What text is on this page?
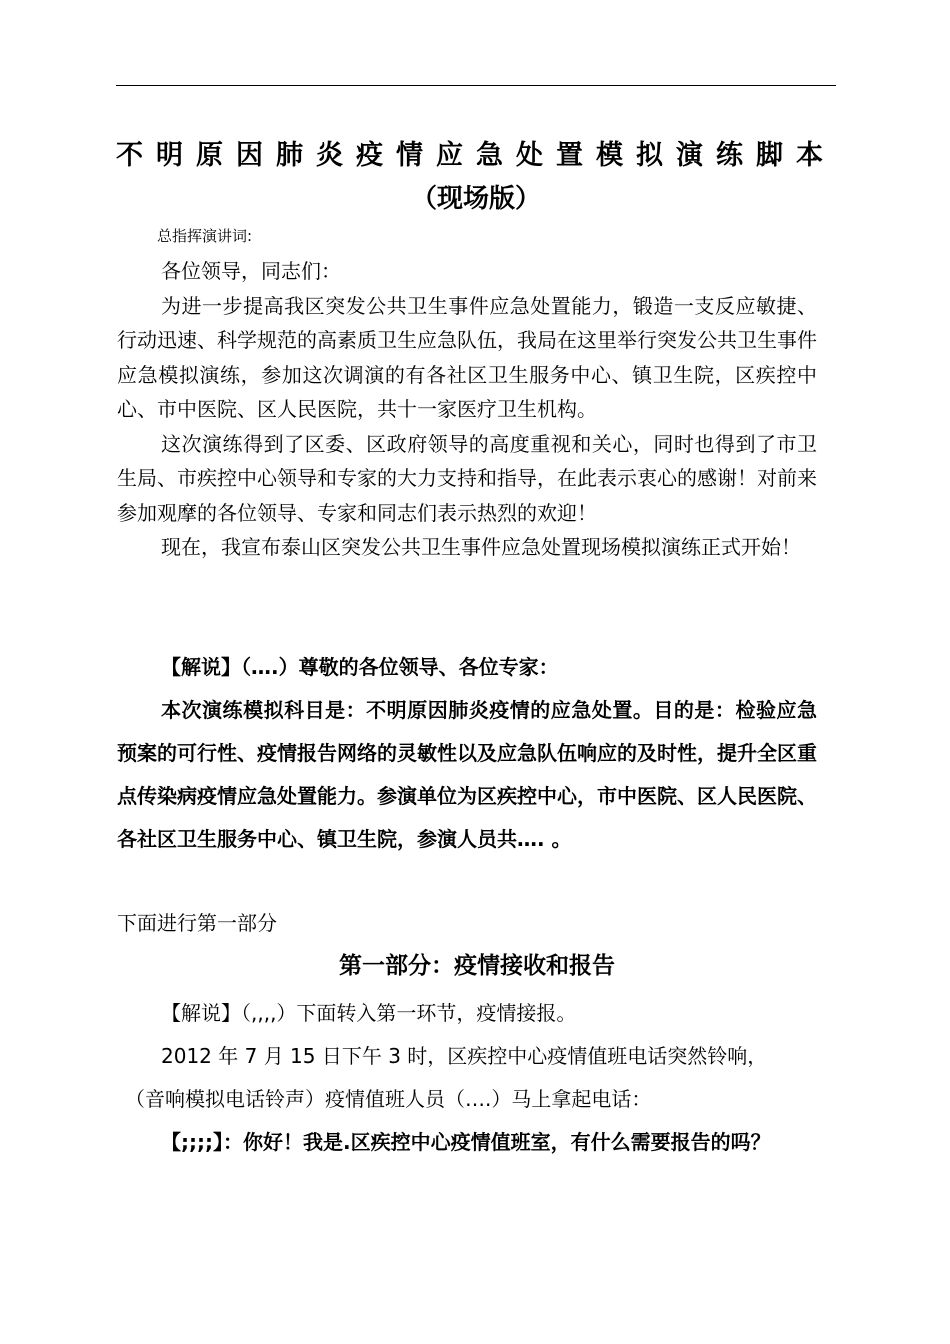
不明原因肺炎疫情应急处置模拟演练脚本
（现场版）
总指挥演讲词:

各位领导，同志们：

为进一步提高我区突发公共卫生事件应急处置能力，锻造一支反应敏捷、行动迅速、科学规范的高素质卫生应急队伍，我局在这里举行突发公共卫生事件应急模拟演练，参加这次调演的有各社区卫生服务中心、镇卫生院，区疾控中心、市中医院、区人民医院，共十一家医疗卫生机构。

这次演练得到了区委、区政府领导的高度重视和关心，同时也得到了市卫生局、市疾控中心领导和专家的大力支持和指导，在此表示衷心的感谢！对前来参加观摩的各位领导、专家和同志们表示热烈的欢迎！

现在，我宣布泰山区突发公共卫生事件应急处置现场模拟演练正式开始！

【解说】（….）尊敬的各位领导、各位专家：

本次演练模拟科目是：不明原因肺炎疫情的应急处置。目的是：检验应急预案的可行性、疫情报告网络的灵敏性以及应急队伍响应的及时性，提升全区重点传染病疫情应急处置能力。参演单位为区疾控中心，市中医院、区人民医院、各社区卫生服务中心、镇卫生院，参演人员共…. 。

下面进行第一部分
第一部分：疫情接收和报告

【解说】（,,,,）下面转入第一环节，疫情接报。

2012 年 7 月 15 日下午 3 时，区疾控中心疫情值班电话突然铃响，

（音响模拟电话铃声）疫情值班人员（….）马上拿起电话：

【;;;;】：你好！我是.区疾控中心疫情值班室，有什么需要报告的吗？
